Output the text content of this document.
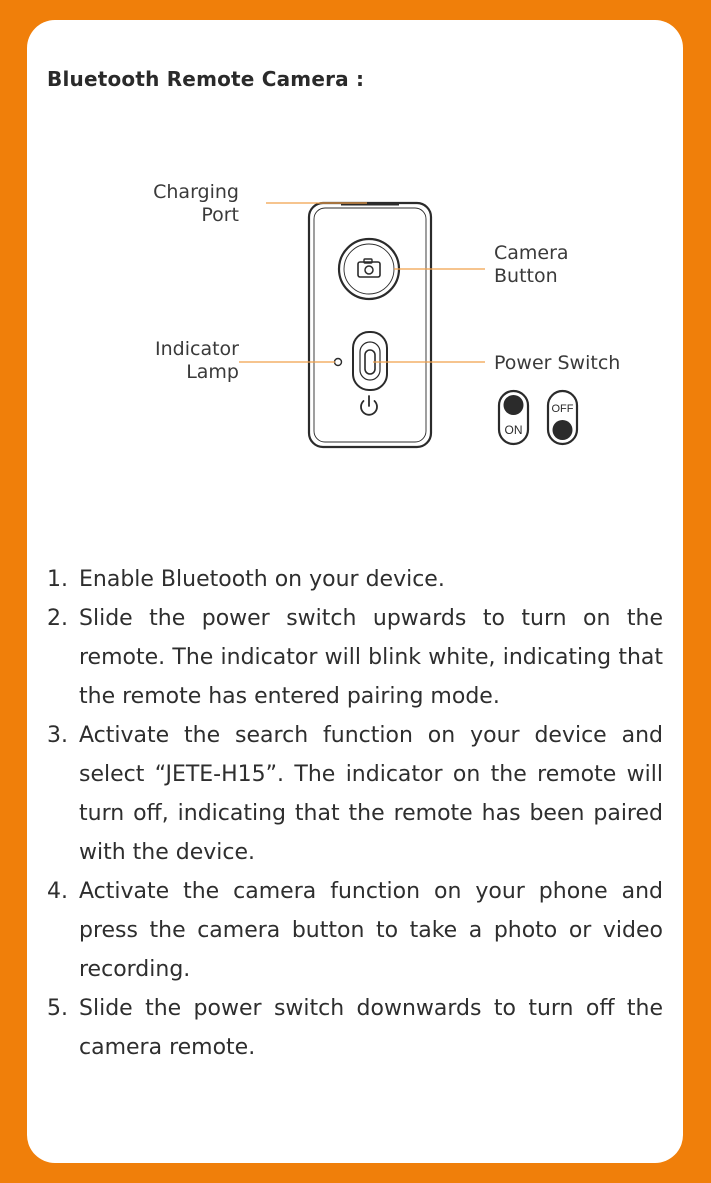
Bluetooth Remote Camera :
ON
OFF
Charging
Port
Camera
Button
Indicator
Lamp	Power Switch
1. Enable Bluetooth on your device.
2. Slide the power switch upwards to turn on the remote. The indicator will blink white, indicating that the remote has entered pairing mode.
3. Activate the search function on your device and select “JETE-H15”. The indicator on the remote will turn off, indicating that the remote has been paired with the device.
4. Activate the camera function on your phone and press the camera button to take a photo or video recording.
5. Slide the power switch downwards to turn off the camera remote.
